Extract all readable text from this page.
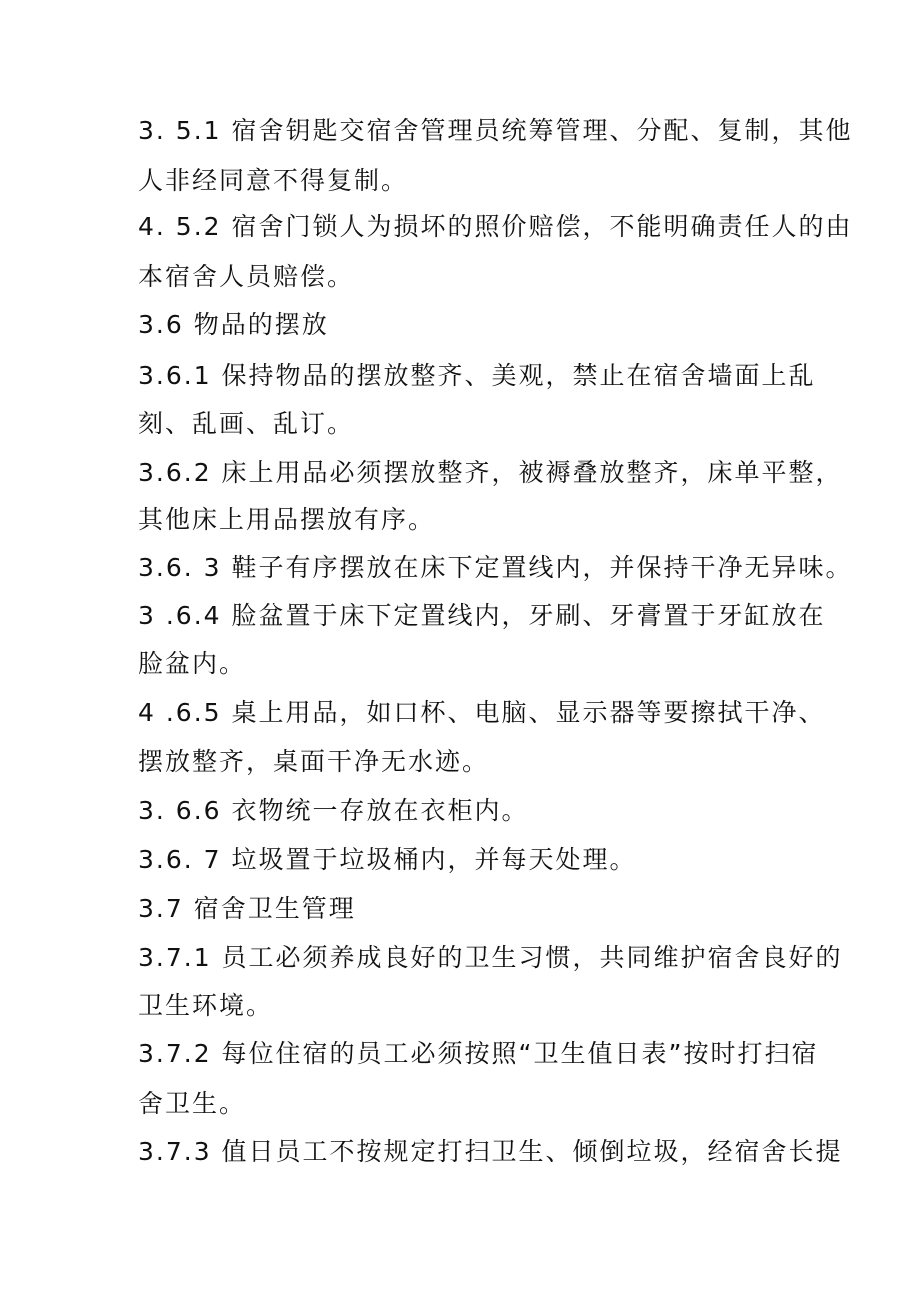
3. 5.1 宿舍钥匙交宿舍管理员统筹管理、分配、复制，其他
人非经同意不得复制。
4. 5.2 宿舍门锁人为损坏的照价赔偿，不能明确责任人的由
本宿舍人员赔偿。
3.6 物品的摆放
3.6.1 保持物品的摆放整齐、美观，禁止在宿舍墙面上乱
刻、乱画、乱订。
3.6.2 床上用品必须摆放整齐，被褥叠放整齐，床单平整，
其他床上用品摆放有序。
3.6. 3 鞋子有序摆放在床下定置线内，并保持干净无异味。
3 .6.4 脸盆置于床下定置线内，牙刷、牙膏置于牙缸放在
脸盆内。
4 .6.5 桌上用品，如口杯、电脑、显示器等要擦拭干净、
摆放整齐，桌面干净无水迹。
3. 6.6 衣物统一存放在衣柜内。
3.6. 7 垃圾置于垃圾桶内，并每天处理。
3.7 宿舍卫生管理
3.7.1 员工必须养成良好的卫生习惯，共同维护宿舍良好的
卫生环境。
3.7.2 每位住宿的员工必须按照“卫生值日表”按时打扫宿
舍卫生。
3.7.3 值日员工不按规定打扫卫生、倾倒垃圾，经宿舍长提
